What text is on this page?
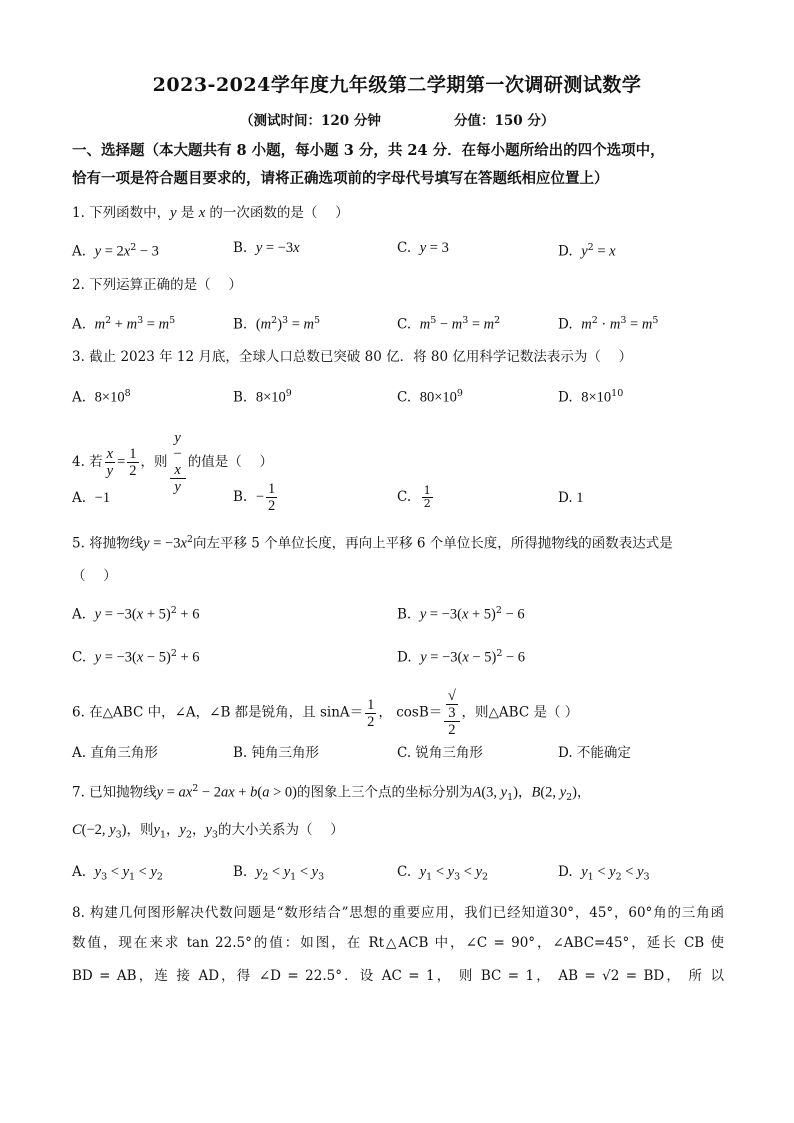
2023-2024学年度九年级第二学期第一次调研测试数学
（测试时间：120 分钟	分值：150 分）
一、选择题（本大题共有 8 小题，每小题 3 分，共 24 分．在每小题所给出的四个选项中，
恰有一项是符合题目要求的，请将正确选项前的字母代号填写在答题纸相应位置上）
1. 下列函数中，y 是 x 的一次函数的是（　 ）
A. $y = 2x^2 - 3$	B. y = −3x	C. y = 3	D. $y^2 = x$
2. 下列运算正确的是（　 ）
A. $m^2 + m^3 = m^5$	B. $(m^2)^3 = m^5$	C. $m^5 - m^3 = m^2$	D. $m^2 \cdot m^3 = m^5$
3. 截止 2023 年 12 月底，全球人口总数已突破 80 亿．将 80 亿用科学记数法表示为（　 ）
A. $8\times 10^8$	B. $8\times 10^9$	C. $80\times 10^9$	D. $8\times 10^{10}$
4. 若 $\frac{x}{y} = \frac{1}{2}$ ，则 y
−
x
y 的值是（　 ）
A. −1	B. − $\frac{1}{2}$	C. $\frac{1}{2}$	D. 1
5. 将抛物线$y = -3x^2$向左平移 5 个单位长度，再向上平移 6 个单位长度，所得抛物线的函数表达式是
（　 ）
A. $y = -3(x + 5)^2 + 6$	B. $y = -3(x + 5)^2 - 6$
C. $y = -3(x - 5)^2 + 6$	D. $y = -3(x - 5)^2 - 6$
6. 在△ABC 中，∠A，∠B 都是锐角，且 $\sin A= \frac{1}{2}$ ， cosB＝ √
3
2 ，则△ABC 是（ ）
A. 直角三角形	B. 钝角三角形	C. 锐角三角形	D. 不能确定
7. 已知抛物线$y = ax^2 - 2ax + b(a > 0)$的图象上三个点的坐标分别为A(3, $y_1$)，B(2, $y_2$)，
C(−2, $y_3$)，则$y_1$，$y_2$，$y_3$的大小关系为（　 ）
A. $y_3 < y_1 < y_2$	B. $y_2 < y_1 < y_3$	C. $y_1 < y_3 < y_2$	D. $y_1 < y_2 < y_3$
8. 构建几何图形解决代数问题是“数形结合”思想的重要应用，我们已经知道30°，45°，60°角的三角函
数值，现在来求 tan 22.5°的值：如图，在 Rt△ACB 中，∠C = 90°，∠ABC=45°，延长 CB 使
BD = AB，连 接 AD，得 ∠D = 22.5°．设 AC = 1， 则 BC = 1， AB = √2 = BD， 所 以
